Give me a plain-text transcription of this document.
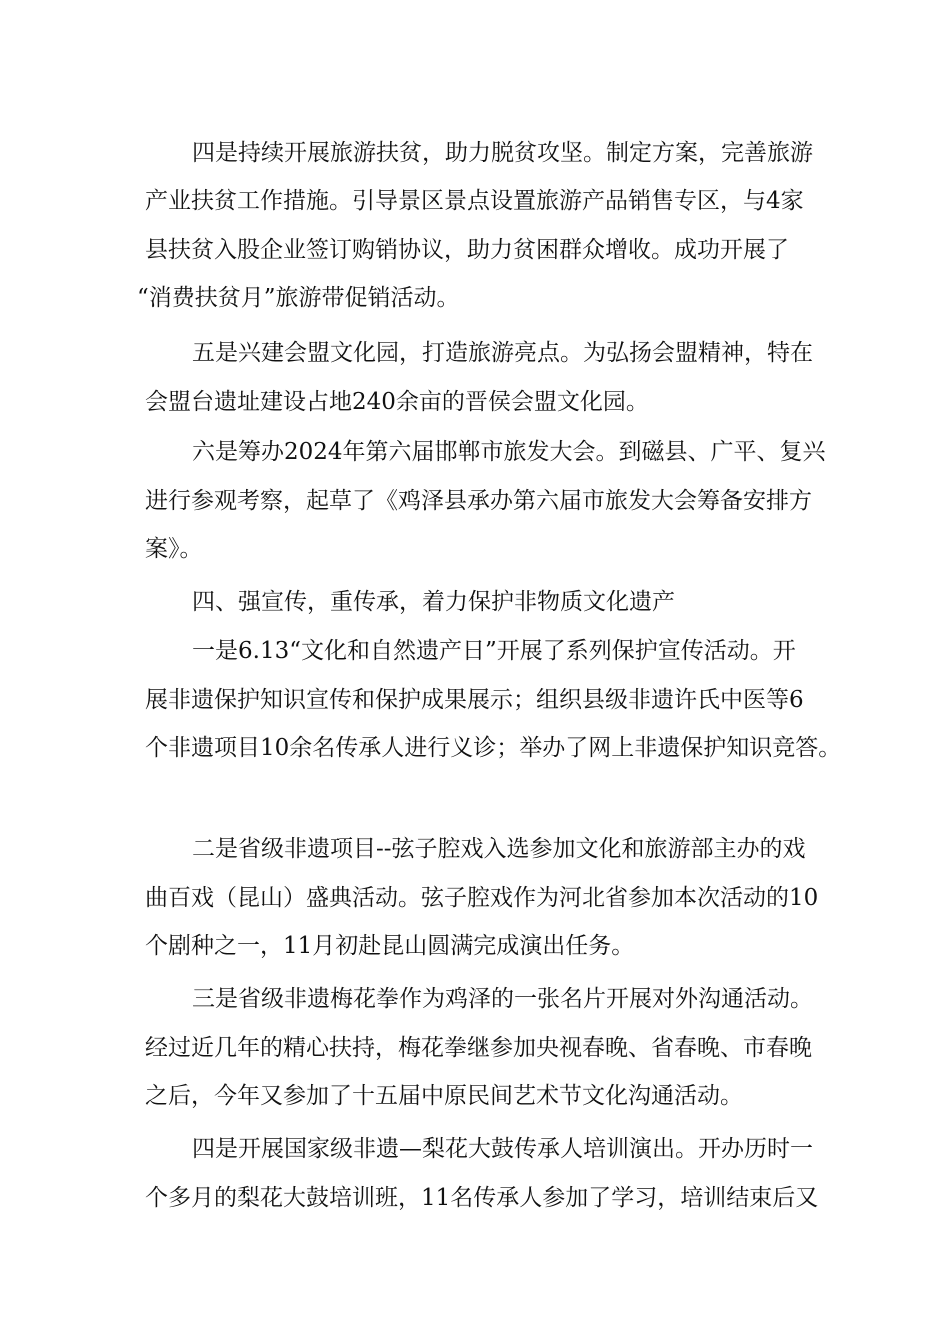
四是持续开展旅游扶贫，助力脱贫攻坚。制定方案，完善旅游

产业扶贫工作措施。引导景区景点设置旅游产品销售专区，与4家

县扶贫入股企业签订购销协议，助力贫困群众增收。成功开展了

“消费扶贫月”旅游带促销活动。

五是兴建会盟文化园，打造旅游亮点。为弘扬会盟精神，特在

会盟台遗址建设占地240余亩的晋侯会盟文化园。

六是筹办2024年第六届邯郸市旅发大会。到磁县、广平、复兴

进行参观考察，起草了《鸡泽县承办第六届市旅发大会筹备安排方

案》。

四、强宣传，重传承，着力保护非物质文化遗产

一是6.13“文化和自然遗产日”开展了系列保护宣传活动。开

展非遗保护知识宣传和保护成果展示；组织县级非遗许氏中医等6

个非遗项目10余名传承人进行义诊；举办了网上非遗保护知识竞答。

二是省级非遗项目--弦子腔戏入选参加文化和旅游部主办的戏

曲百戏（昆山）盛典活动。弦子腔戏作为河北省参加本次活动的10

个剧种之一，11月初赴昆山圆满完成演出任务。

三是省级非遗梅花拳作为鸡泽的一张名片开展对外沟通活动。

经过近几年的精心扶持，梅花拳继参加央视春晚、省春晚、市春晚

之后，今年又参加了十五届中原民间艺术节文化沟通活动。

四是开展国家级非遗—梨花大鼓传承人培训演出。开办历时一

个多月的梨花大鼓培训班，11名传承人参加了学习，培训结束后又
